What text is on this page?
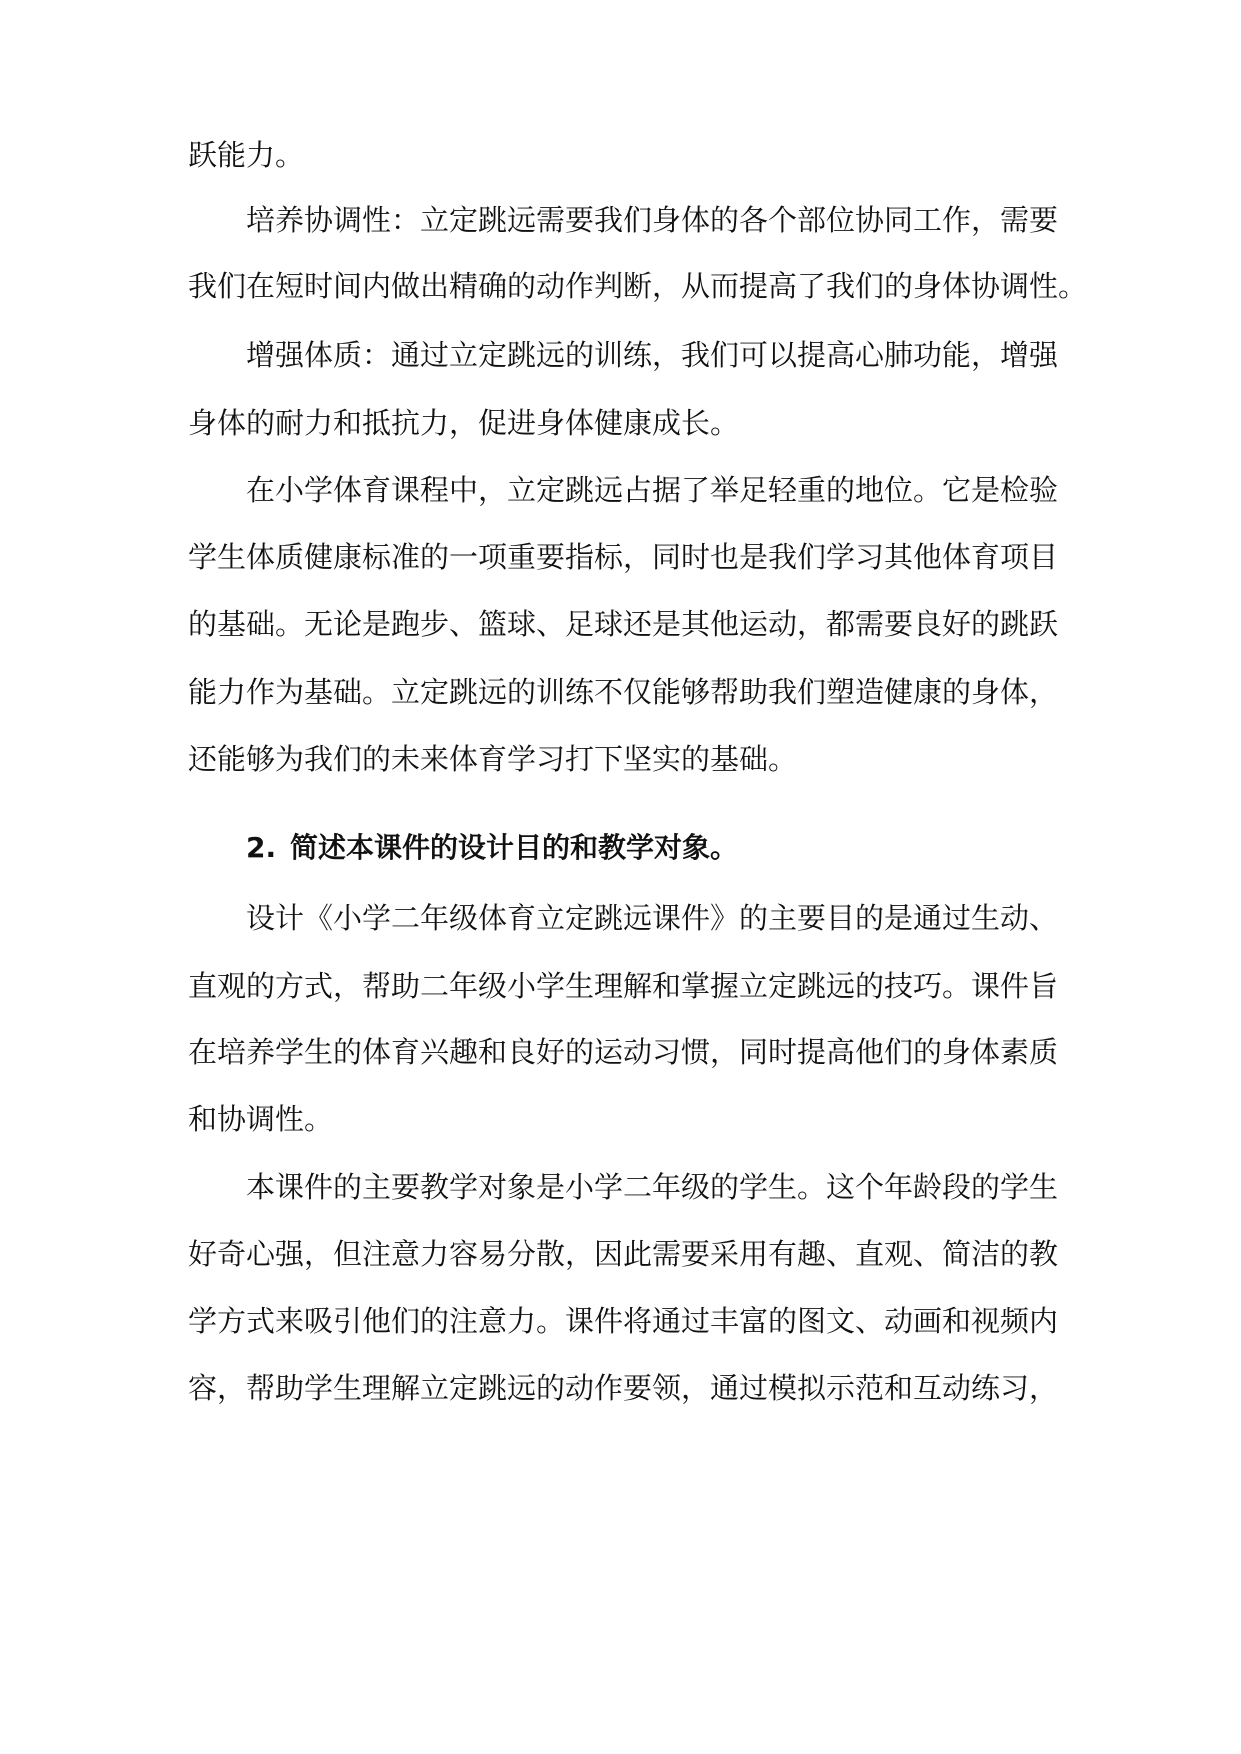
跃能力。

培养协调性：立定跳远需要我们身体的各个部位协同工作，需要

我们在短时间内做出精确的动作判断，从而提高了我们的身体协调性。

增强体质：通过立定跳远的训练，我们可以提高心肺功能，增强

身体的耐力和抵抗力，促进身体健康成长。

在小学体育课程中，立定跳远占据了举足轻重的地位。它是检验

学生体质健康标准的一项重要指标，同时也是我们学习其他体育项目

的基础。无论是跑步、篮球、足球还是其他运动，都需要良好的跳跃

能力作为基础。立定跳远的训练不仅能够帮助我们塑造健康的身体，

还能够为我们的未来体育学习打下坚实的基础。

2. 简述本课件的设计目的和教学对象。

设计《小学二年级体育立定跳远课件》的主要目的是通过生动、

直观的方式，帮助二年级小学生理解和掌握立定跳远的技巧。课件旨

在培养学生的体育兴趣和良好的运动习惯，同时提高他们的身体素质

和协调性。

本课件的主要教学对象是小学二年级的学生。这个年龄段的学生

好奇心强，但注意力容易分散，因此需要采用有趣、直观、简洁的教

学方式来吸引他们的注意力。课件将通过丰富的图文、动画和视频内

容，帮助学生理解立定跳远的动作要领，通过模拟示范和互动练习，
